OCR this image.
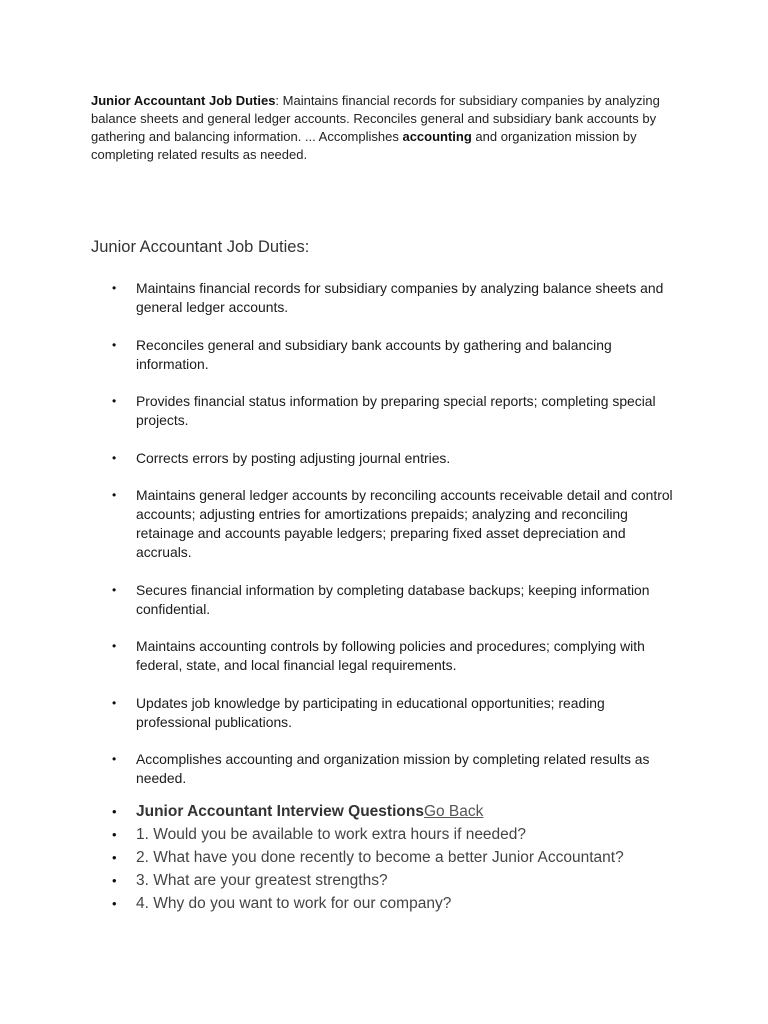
Junior Accountant Job Duties: Maintains financial records for subsidiary companies by analyzing balance sheets and general ledger accounts. Reconciles general and subsidiary bank accounts by gathering and balancing information. ... Accomplishes accounting and organization mission by completing related results as needed.

Junior Accountant Job Duties:
• Maintains financial records for subsidiary companies by analyzing balance sheets and general ledger accounts.
• Reconciles general and subsidiary bank accounts by gathering and balancing information.
• Provides financial status information by preparing special reports; completing special projects.
• Corrects errors by posting adjusting journal entries.
• Maintains general ledger accounts by reconciling accounts receivable detail and control accounts; adjusting entries for amortizations prepaids; analyzing and reconciling retainage and accounts payable ledgers; preparing fixed asset depreciation and accruals.
• Secures financial information by completing database backups; keeping information confidential.
• Maintains accounting controls by following policies and procedures; complying with federal, state, and local financial legal requirements.
• Updates job knowledge by participating in educational opportunities; reading professional publications.
• Accomplishes accounting and organization mission by completing related results as needed.
• Junior Accountant Interview QuestionsGo Back
• 1. Would you be available to work extra hours if needed?
• 2. What have you done recently to become a better Junior Accountant?
• 3. What are your greatest strengths?
• 4. Why do you want to work for our company?
